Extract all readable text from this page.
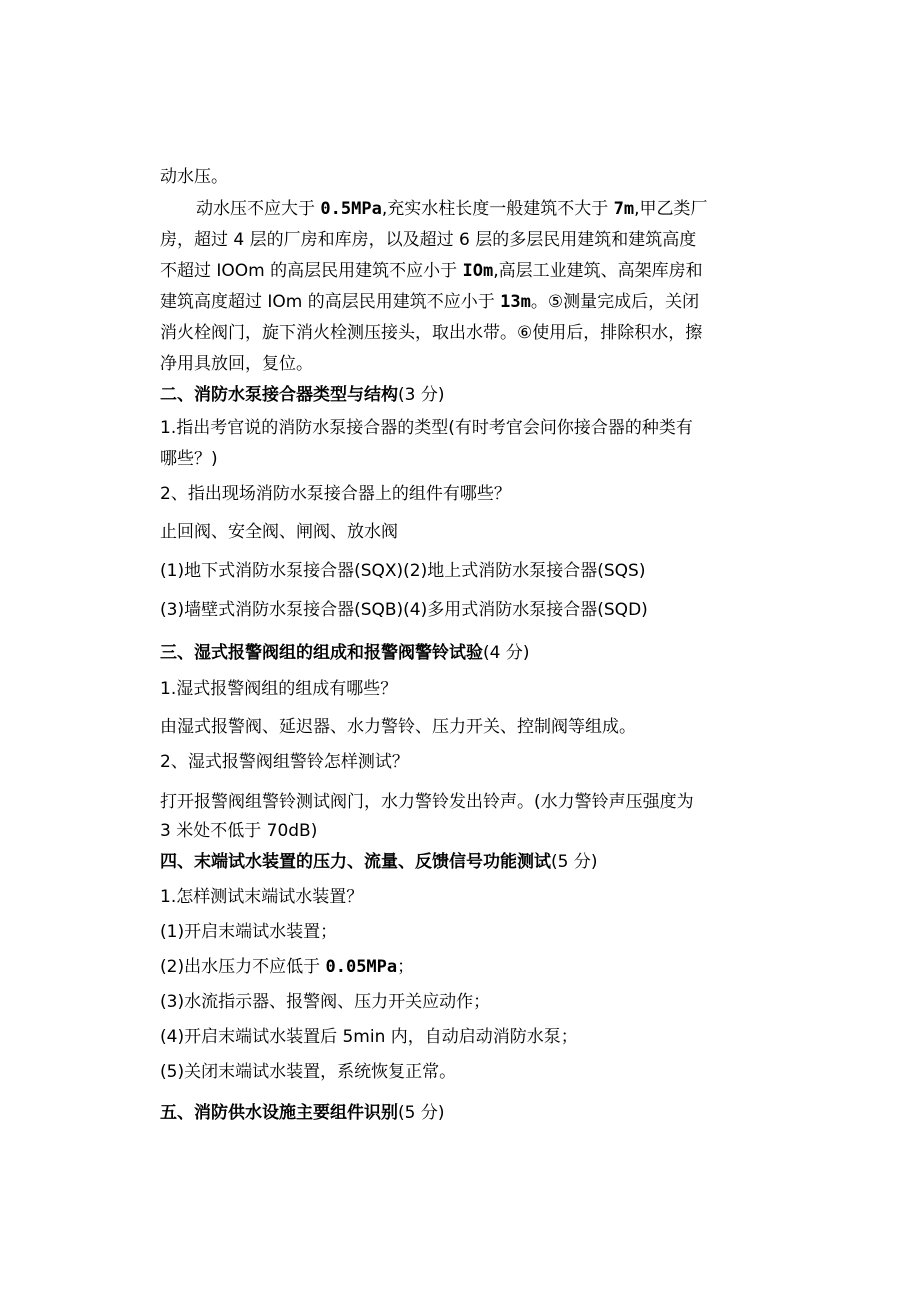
动水压。
动水压不应大于 0.5MPa,充实水柱长度一般建筑不大于 7m,甲乙类厂
房，超过 4 层的厂房和库房，以及超过 6 层的多层民用建筑和建筑高度
不超过 IOOm 的高层民用建筑不应小于 IOm,高层工业建筑、高架库房和
建筑高度超过 IOm 的高层民用建筑不应小于 13m。⑤测量完成后，关闭
消火栓阀门，旋下消火栓测压接头，取出水带。⑥使用后，排除积水，擦
净用具放回，复位。
二、消防水泵接合器类型与结构(3 分)
1.指出考官说的消防水泵接合器的类型(有时考官会问你接合器的种类有
哪些？)
2、指出现场消防水泵接合器上的组件有哪些？
止回阀、安全阀、闸阀、放水阀
(1)地下式消防水泵接合器(SQX)(2)地上式消防水泵接合器(SQS)
(3)墙壁式消防水泵接合器(SQB)(4)多用式消防水泵接合器(SQD)
三、湿式报警阀组的组成和报警阀警铃试验(4 分)
1.湿式报警阀组的组成有哪些？
由湿式报警阀、延迟器、水力警铃、压力开关、控制阀等组成。
2、湿式报警阀组警铃怎样测试？
打开报警阀组警铃测试阀门，水力警铃发出铃声。(水力警铃声压强度为
3 米处不低于 70dB)
四、末端试水装置的压力、流量、反馈信号功能测试(5 分)
1.怎样测试末端试水装置？
(1)开启末端试水装置；
(2)出水压力不应低于 0.05MPa；
(3)水流指示器、报警阀、压力开关应动作；
(4)开启末端试水装置后 5min 内，自动启动消防水泵；
(5)关闭末端试水装置，系统恢复正常。
五、消防供水设施主要组件识别(5 分)
